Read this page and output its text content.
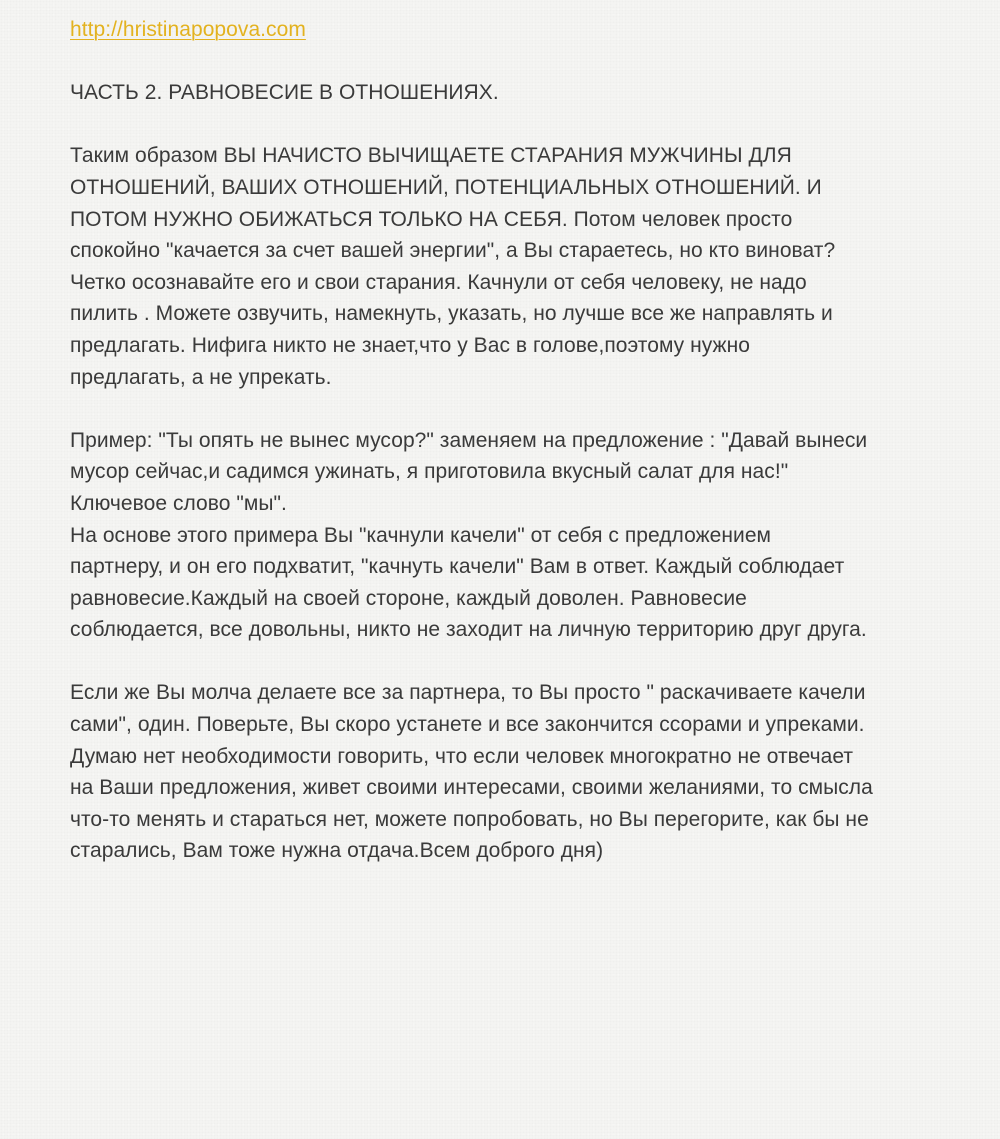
http://hristinapopova.com

ЧАСТЬ 2. РАВНОВЕСИЕ В ОТНОШЕНИЯХ.

Таким образом ВЫ НАЧИСТО ВЫЧИЩАЕТЕ СТАРАНИЯ МУЖЧИНЫ ДЛЯ

ОТНОШЕНИЙ, ВАШИХ ОТНОШЕНИЙ, ПОТЕНЦИАЛЬНЫХ ОТНОШЕНИЙ. И

ПОТОМ НУЖНО ОБИЖАТЬСЯ ТОЛЬКО НА СЕБЯ. Потом человек просто

спокойно "качается за счет вашей энергии", а Вы стараетесь, но кто виноват?

Четко осознавайте его и свои старания. Качнули от себя человеку, не надо

пилить . Можете озвучить, намекнуть, указать, но лучше все же направлять и

предлагать. Нифига никто не знает,что у Вас в голове,поэтому нужно

предлагать, а не упрекать.

Пример: "Ты опять не вынес мусор?" заменяем на предложение : "Давай вынеси

мусор сейчас,и садимся ужинать, я приготовила вкусный салат для нас!"

Ключевое слово "мы".

На основе этого примера Вы "качнули качели" от себя с предложением

партнеру, и он его подхватит, "качнуть качели" Вам в ответ. Каждый соблюдает

равновесие.Каждый на своей стороне, каждый доволен. Равновесие

соблюдается, все довольны, никто не заходит на личную территорию друг друга.

Если же Вы молча делаете все за партнера, то Вы просто " раскачиваете качели

сами", один. Поверьте, Вы скоро устанете и все закончится ссорами и упреками.

Думаю нет необходимости говорить, что если человек многократно не отвечает

на Ваши предложения, живет своими интересами, своими желаниями, то смысла

что-то менять и стараться нет, можете попробовать, но Вы перегорите, как бы не

старались, Вам тоже нужна отдача.Всем доброго дня)
